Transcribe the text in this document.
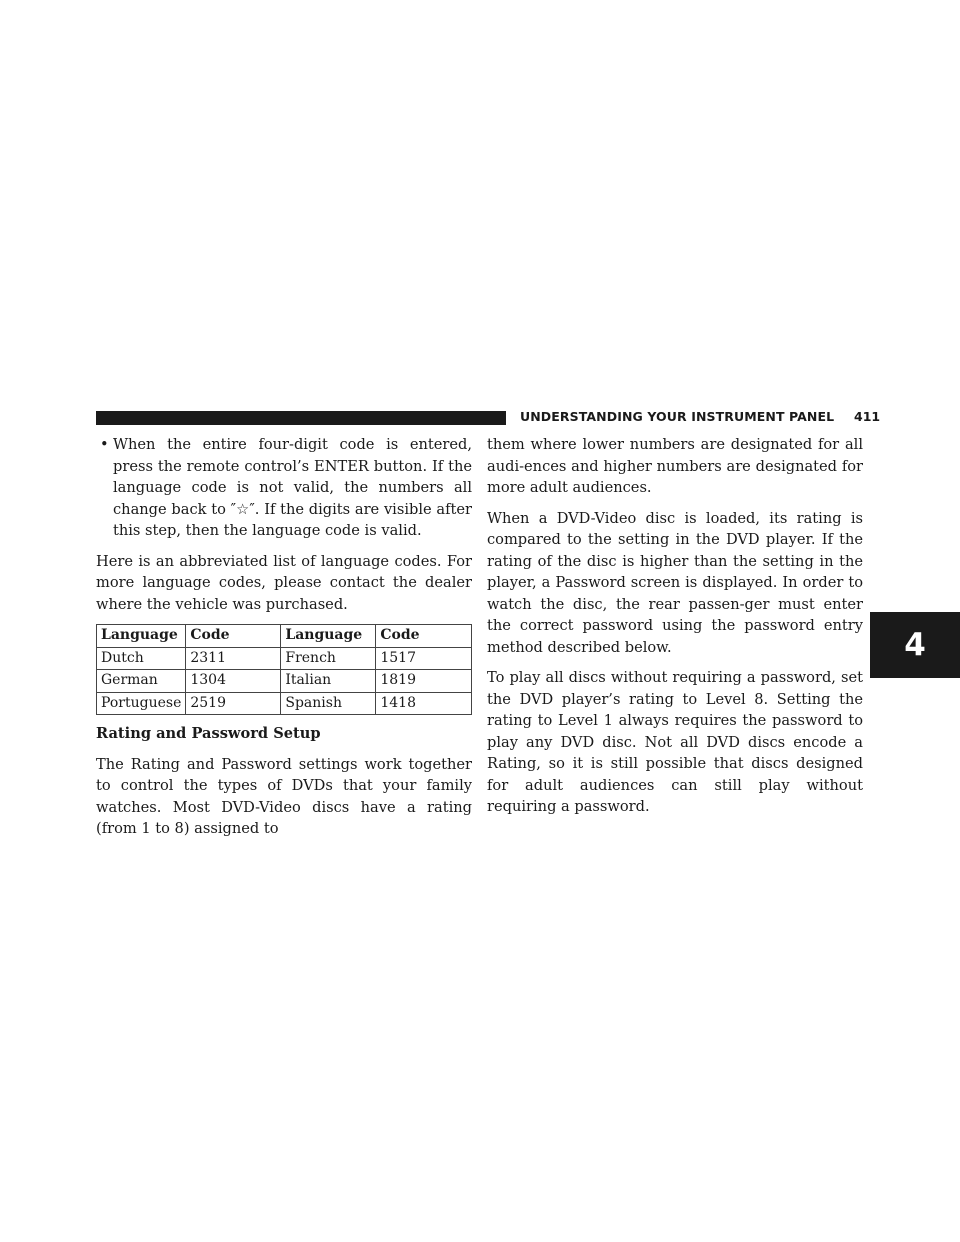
UNDERSTANDING YOUR INSTRUMENT PANEL 411
4
• When the entire four-digit code is entered, press the remote control’s ENTER button. If the language code is not valid, the numbers all change back to ″☆″. If the digits are visible after this step, then the language code is valid.

Here is an abbreviated list of language codes. For more language codes, please contact the dealer where the vehicle was purchased.

Language	Code	Language	Code
Dutch	2311	French	1517
German	1304	Italian	1819
Portuguese	2519	Spanish	1418

Rating and Password Setup

The Rating and Password settings work together to control the types of DVDs that your family watches. Most DVD-Video discs have a rating (from 1 to 8) assigned to

them where lower numbers are designated for all audi-ences and higher numbers are designated for more adult audiences.

When a DVD-Video disc is loaded, its rating is compared to the setting in the DVD player. If the rating of the disc is higher than the setting in the player, a Password screen is displayed. In order to watch the disc, the rear passen-ger must enter the correct password using the password entry method described below.

To play all discs without requiring a password, set the DVD player’s rating to Level 8. Setting the rating to Level 1 always requires the password to play any DVD disc. Not all DVD discs encode a Rating, so it is still possible that discs designed for adult audiences can still play without requiring a password.
